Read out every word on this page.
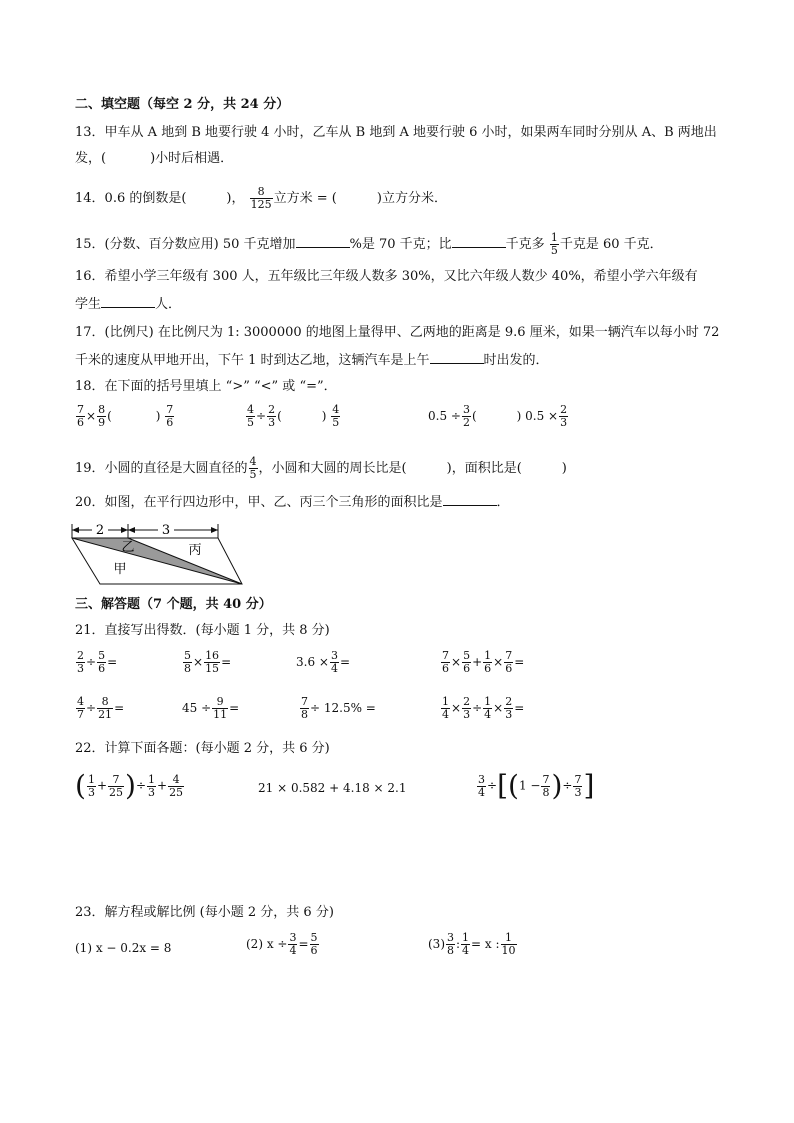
二、填空题（每空 2 分，共 24 分）
13．甲车从 A 地到 B 地要行驶 4 小时，乙车从 B 地到 A 地要行驶 6 小时，如果两车同时分别从 A、B 两地出
发，(	)小时后相遇．
14．0.6 的倒数是(	)， $\frac{8}{125}$ 立方米 = (	)立方分米．
15．(分数、百分数应用) 50 千克增加	%是 70 千克；比	千克多 $\frac{1}{5}$ 千克是 60 千克．
16．希望小学三年级有 300 人，五年级比三年级人数多 30%，又比六年级人数少 40%，希望小学六年级有
学生	人．
17．(比例尺) 在比例尺为 1: 3000000 的地图上量得甲、乙两地的距离是 9.6 厘米，如果一辆汽车以每小时 72
千米的速度从甲地开出，下午 1 时到达乙地，这辆汽车是上午	时出发的．
18．在下面的括号里填上 “>” “<” 或 “=”．
$\frac{7}{6} \times \frac{8}{9}$ (	) $\frac{7}{6}$	$\frac{4}{5} \div \frac{2}{3}$ (	) $\frac{4}{5}$	$0.5 \div \frac{3}{2}$ (	) $0.5 \times \frac{2}{3}$
19．小圆的直径是大圆直径的 $\frac{4}{5}$ ，小圆和大圆的周长比是(	)，面积比是(	)
20．如图，在平行四边形中，甲、乙、丙三个三角形的面积比是	．
2	3
乙	丙
甲
三、解答题（7 个题，共 40 分）
21．直接写出得数．(每小题 1 分，共 8 分)
$\frac{2}{3} \div \frac{5}{6}$ =	$\frac{5}{8} \times \frac{16}{15}$ =	$3.6 \times \frac{3}{4}$ =	$\frac{7}{6} \times \frac{5}{6} + \frac{1}{6} \times \frac{7}{6}$ =
$\frac{4}{7} \div \frac{8}{21}$ =	$45 \div \frac{9}{11}$ =	$\frac{7}{8} \div 12.5\%$ =	$\frac{1}{4} \times \frac{2}{3} \div \frac{1}{4} \times \frac{2}{3}$ =
22．计算下面各题：(每小题 2 分，共 6 分)
( $\frac{1}{3} + \frac{7}{25}$ )÷ $\frac{1}{3} + \frac{4}{25}$	21 × 0.582 + 4.18 × 2.1	$\frac{3}{4} \div[(1 - \frac{7}{8}$ )÷ $\frac{7}{3}$ ]
23．解方程或解比例 (每小题 2 分，共 6 分)
(1) x − 0.2x = 8	(2) $x \div \frac{3}{4} = \frac{5}{6}$	$(3) \frac{3}{8}$ : $\frac{1}{4} = x$ : $\frac{1}{10}$
